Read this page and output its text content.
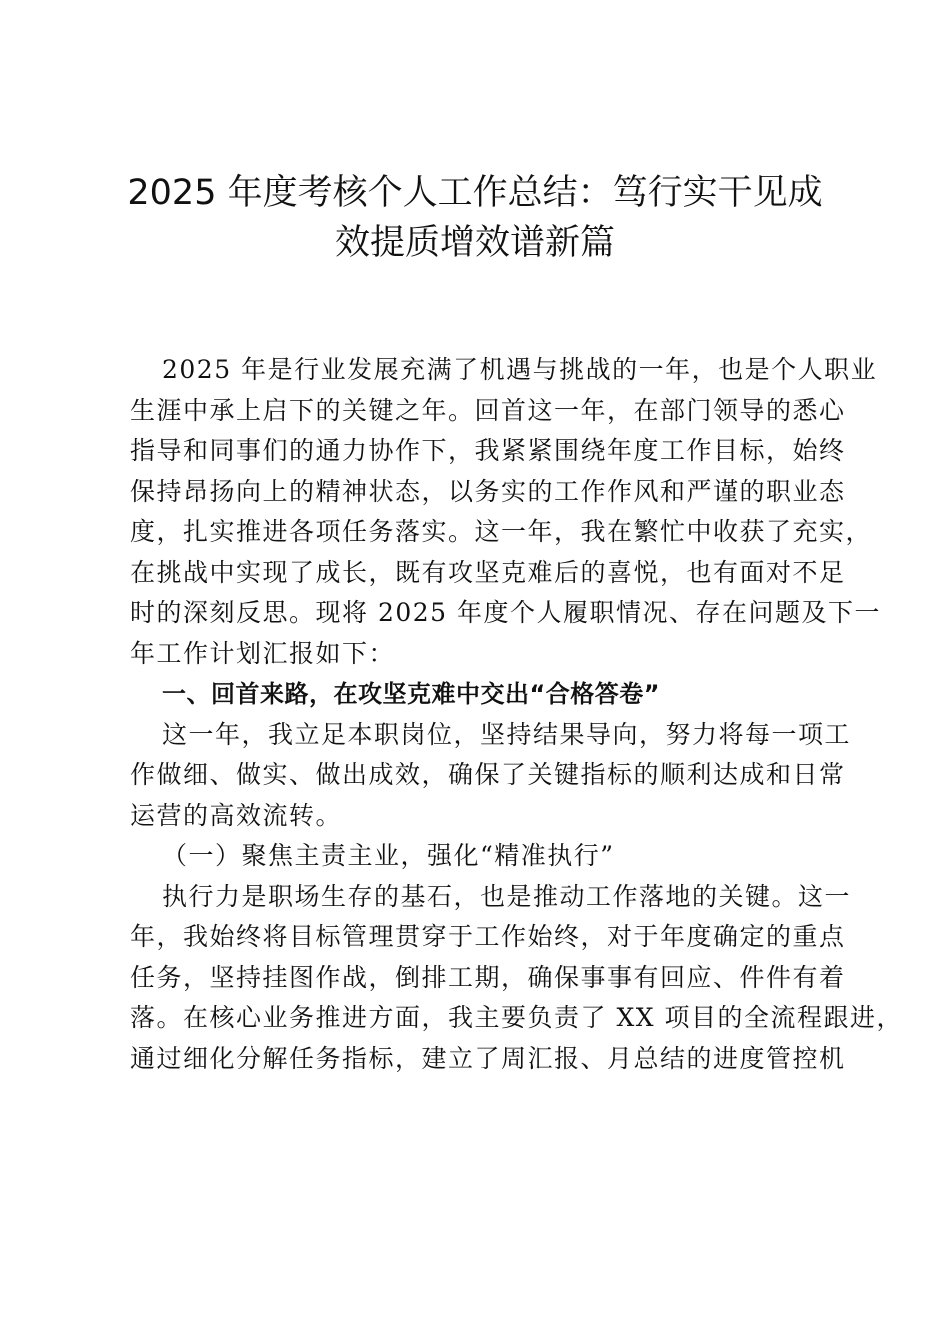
2025 年度考核个人工作总结：笃行实干见成
效提质增效谱新篇
2025 年是行业发展充满了机遇与挑战的一年，也是个人职业
生涯中承上启下的关键之年。回首这一年，在部门领导的悉心
指导和同事们的通力协作下，我紧紧围绕年度工作目标，始终
保持昂扬向上的精神状态，以务实的工作作风和严谨的职业态
度，扎实推进各项任务落实。这一年，我在繁忙中收获了充实，
在挑战中实现了成长，既有攻坚克难后的喜悦，也有面对不足
时的深刻反思。现将 2025 年度个人履职情况、存在问题及下一
年工作计划汇报如下：
一、回首来路，在攻坚克难中交出“合格答卷”
这一年，我立足本职岗位，坚持结果导向，努力将每一项工
作做细、做实、做出成效，确保了关键指标的顺利达成和日常
运营的高效流转。
（一）聚焦主责主业，强化“精准执行”
执行力是职场生存的基石，也是推动工作落地的关键。这一
年，我始终将目标管理贯穿于工作始终，对于年度确定的重点
任务，坚持挂图作战，倒排工期，确保事事有回应、件件有着
落。在核心业务推进方面，我主要负责了 XX 项目的全流程跟进，
通过细化分解任务指标，建立了周汇报、月总结的进度管控机
